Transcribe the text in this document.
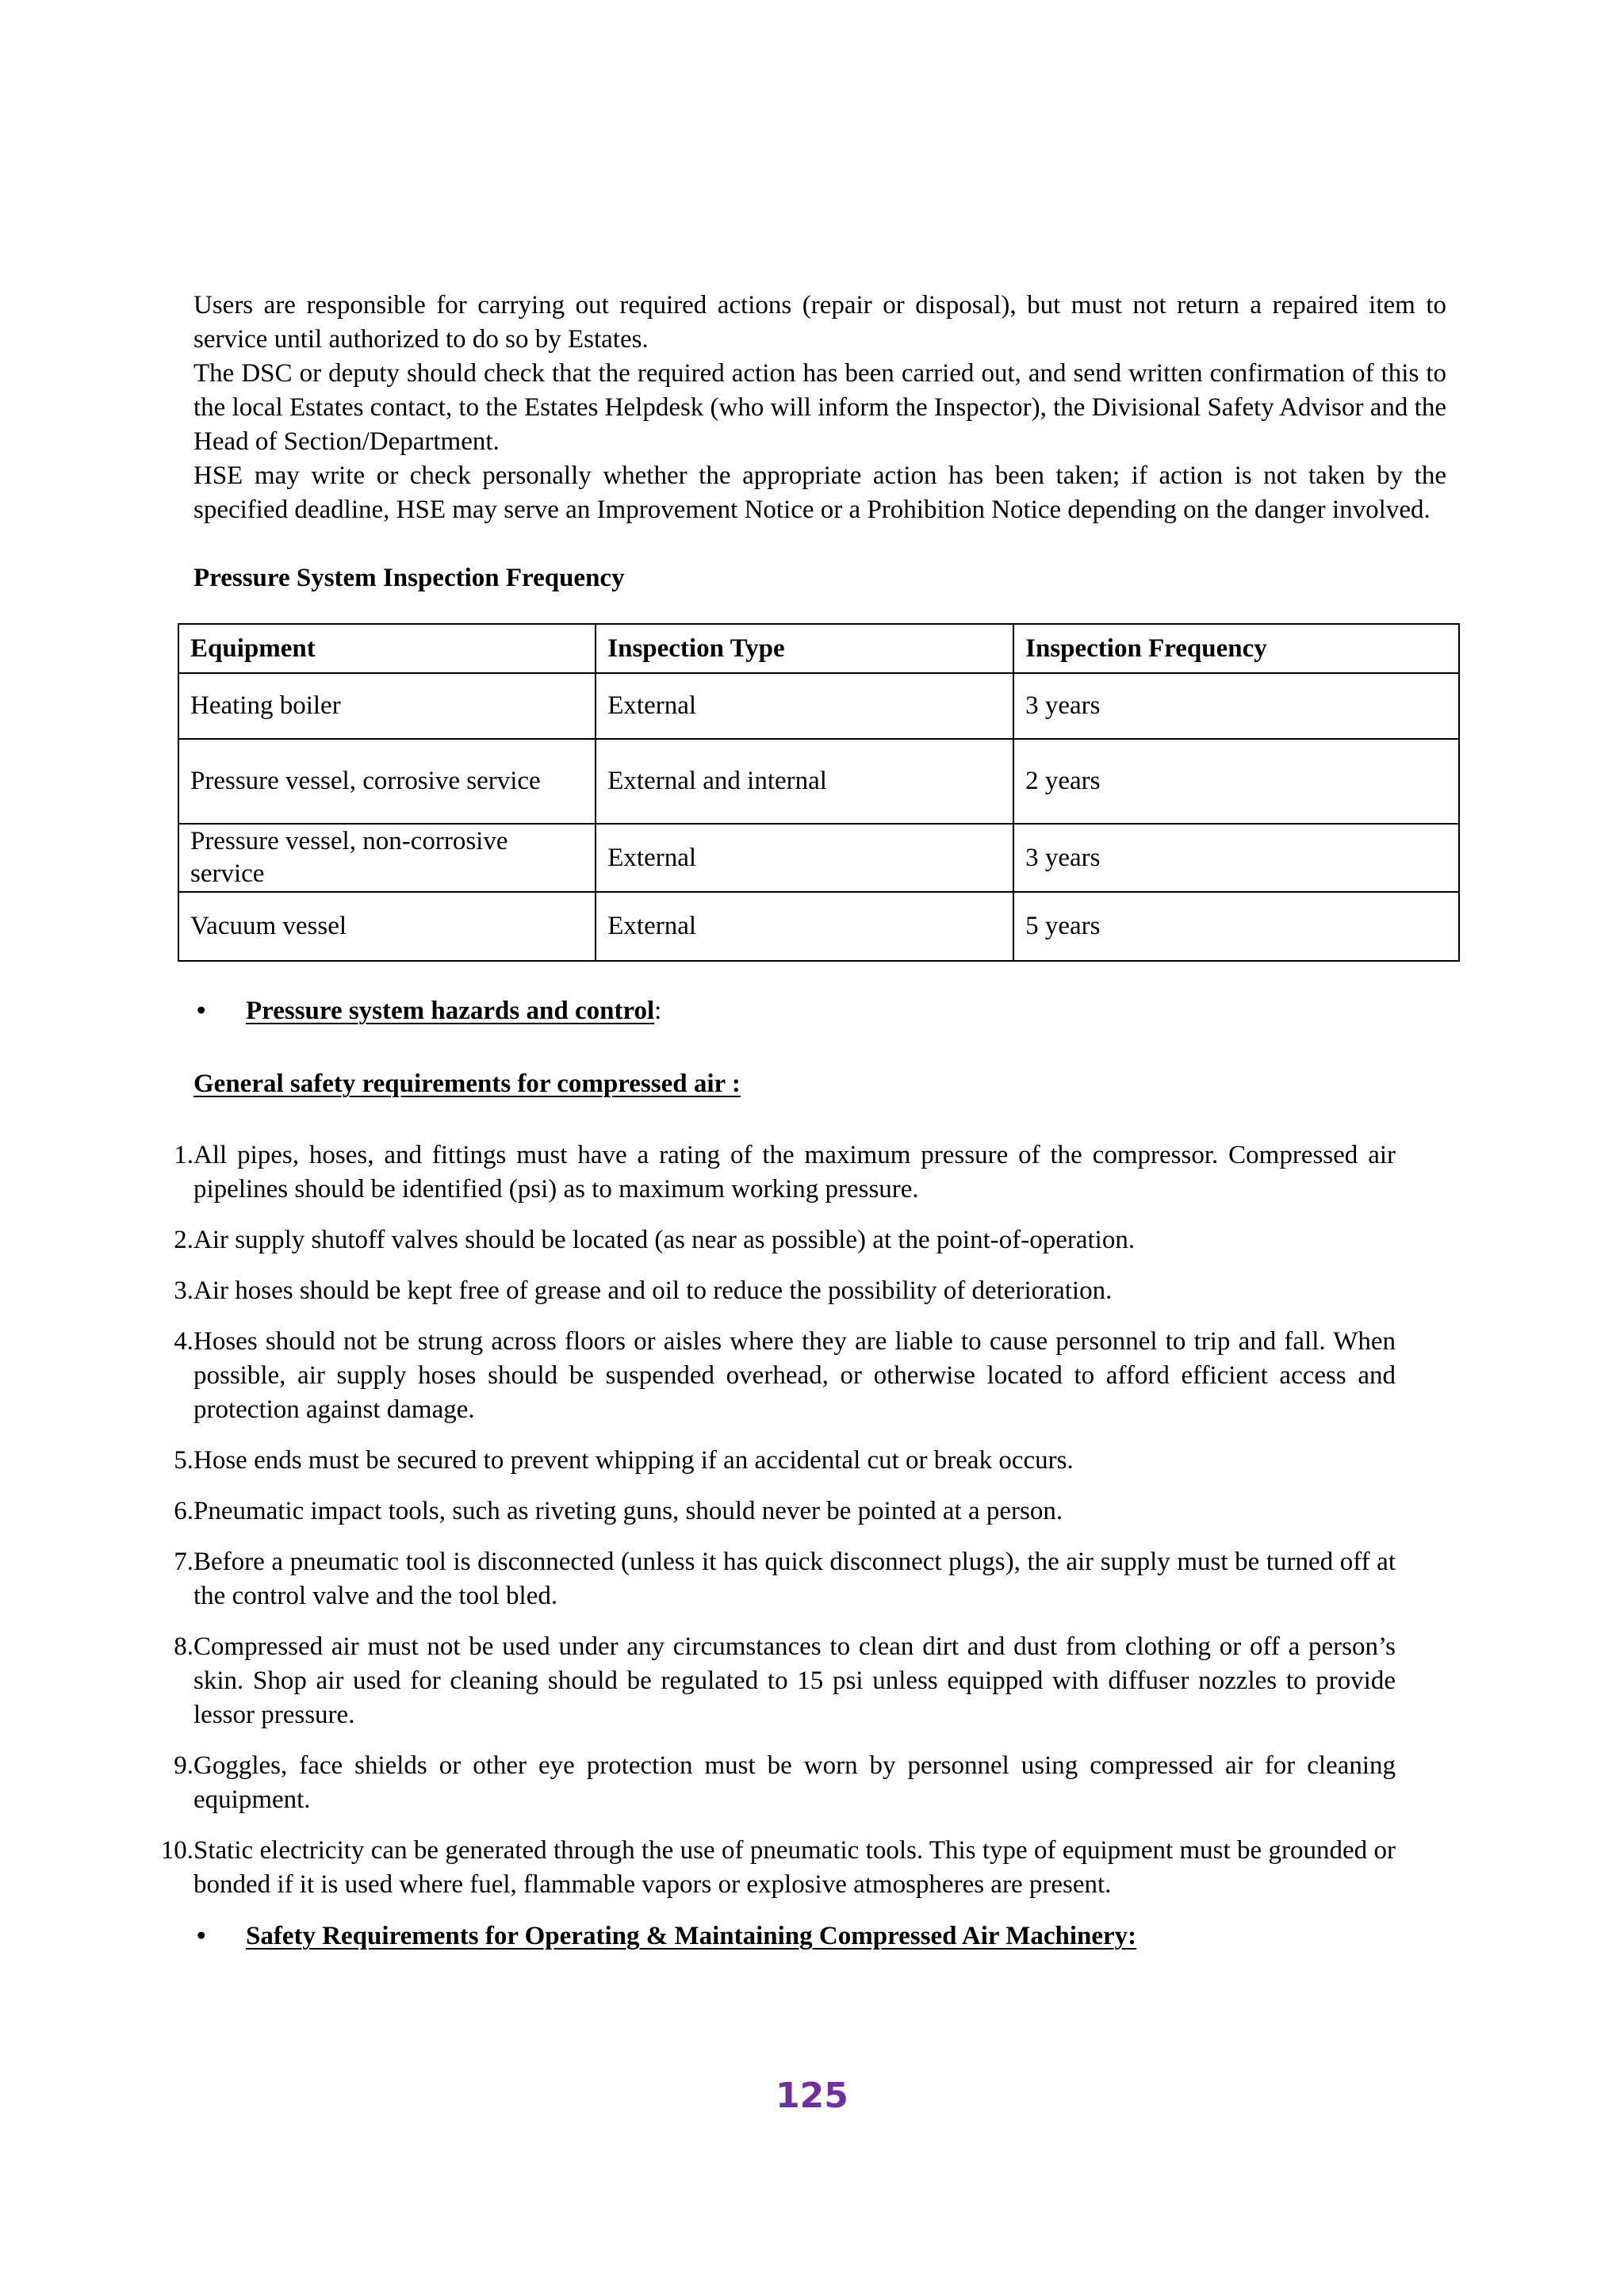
Users are responsible for carrying out required actions (repair or disposal), but must not return a repaired item to service until authorized to do so by Estates.

The DSC or deputy should check that the required action has been carried out, and send written confirmation of this to the local Estates contact, to the Estates Helpdesk (who will inform the Inspector), the Divisional Safety Advisor and the Head of Section/Department.

HSE may write or check personally whether the appropriate action has been taken; if action is not taken by the specified deadline, HSE may serve an Improvement Notice or a Prohibition Notice depending on the danger involved.

Pressure System Inspection Frequency

Equipment	Inspection Type	Inspection Frequency
Heating boiler	External	3 years
Pressure vessel, corrosive service	External and internal	2 years
Pressure vessel, non-corrosive service	External	3 years
Vacuum vessel	External	5 years
• Pressure system hazards and control:

General safety requirements for compressed air :

1. All pipes, hoses, and fittings must have a rating of the maximum pressure of the compressor. Compressed air pipelines should be identified (psi) as to maximum working pressure.
2. Air supply shutoff valves should be located (as near as possible) at the point-of-operation.
3. Air hoses should be kept free of grease and oil to reduce the possibility of deterioration.
4. Hoses should not be strung across floors or aisles where they are liable to cause personnel to trip and fall. When possible, air supply hoses should be suspended overhead, or otherwise located to afford efficient access and protection against damage.
5. Hose ends must be secured to prevent whipping if an accidental cut or break occurs.
6. Pneumatic impact tools, such as riveting guns, should never be pointed at a person.
7. Before a pneumatic tool is disconnected (unless it has quick disconnect plugs), the air supply must be turned off at the control valve and the tool bled.
8. Compressed air must not be used under any circumstances to clean dirt and dust from clothing or off a person’s skin. Shop air used for cleaning should be regulated to 15 psi unless equipped with diffuser nozzles to provide lessor pressure.
9. Goggles, face shields or other eye protection must be worn by personnel using compressed air for cleaning equipment.
10. Static electricity can be generated through the use of pneumatic tools. This type of equipment must be grounded or bonded if it is used where fuel, flammable vapors or explosive atmospheres are present.
• Safety Requirements for Operating & Maintaining Compressed Air Machinery:
125
